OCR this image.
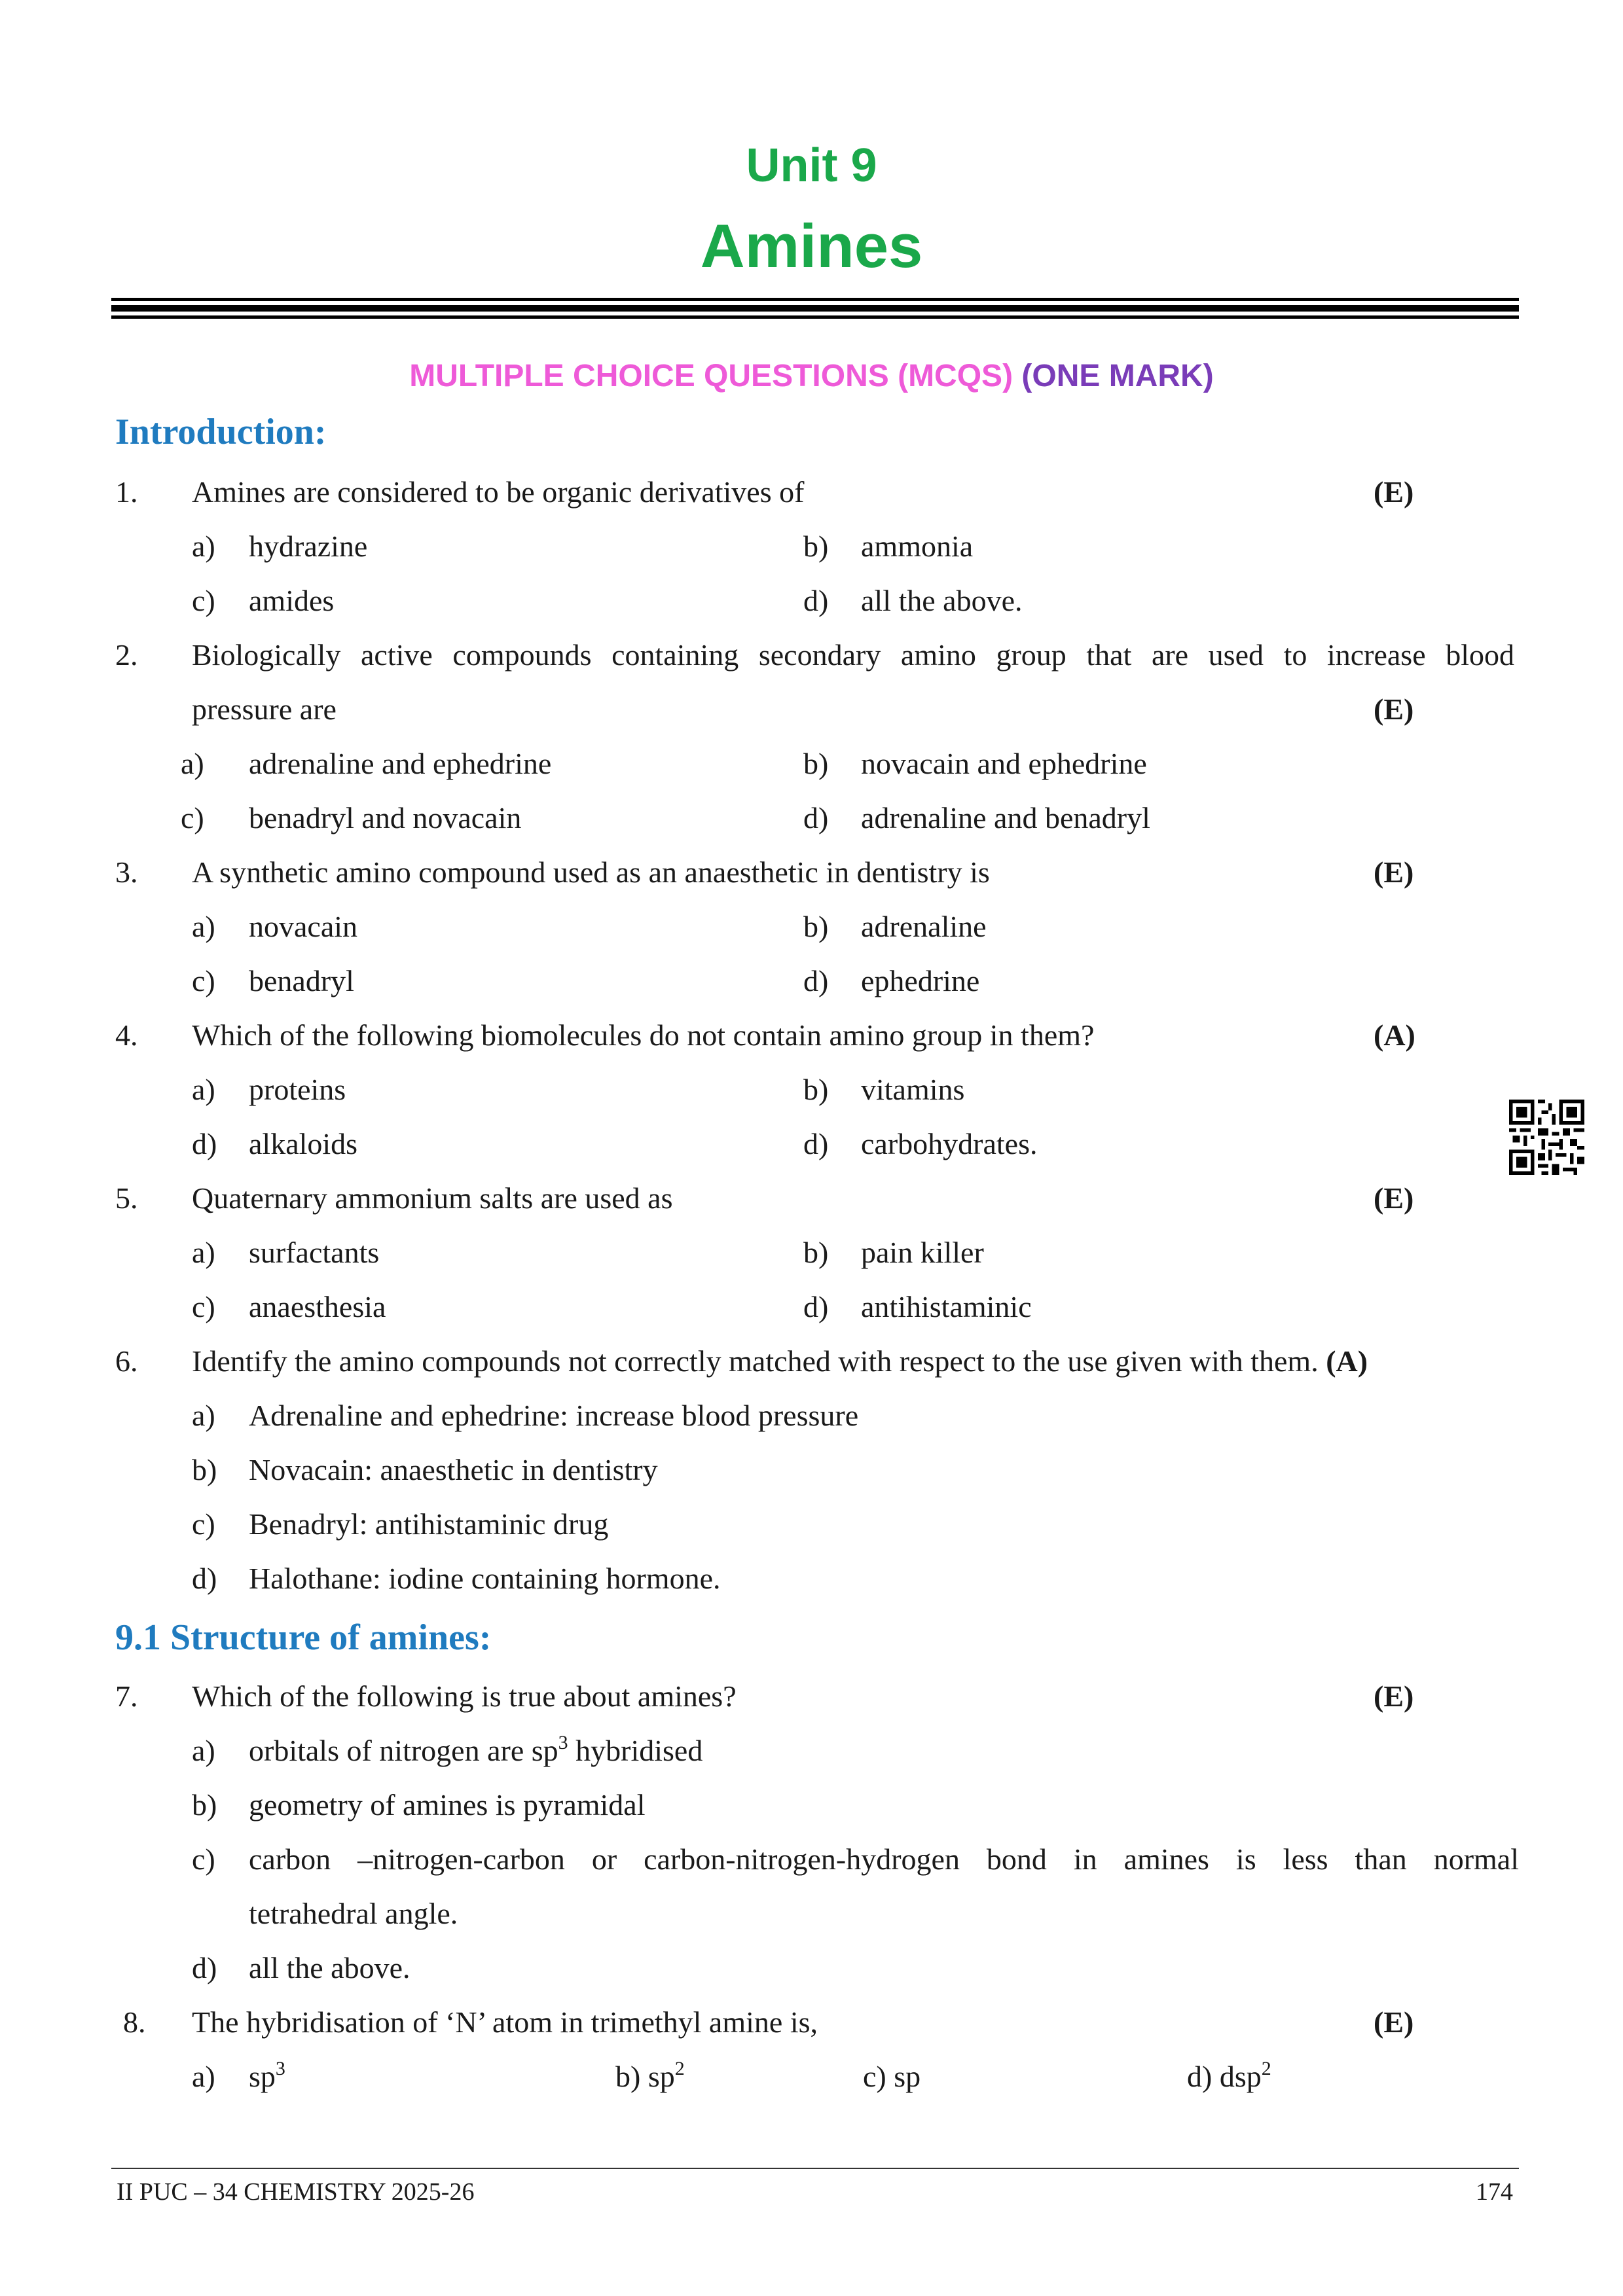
Unit 9
Amines
MULTIPLE CHOICE QUESTIONS (MCQS) (ONE MARK)
Introduction:
1. Amines are considered to be organic derivatives of	(E)
a) hydrazine	b) ammonia
c) amides	d) all the above.
2. Biologically active compounds containing secondary amino group that are used to increase blood
pressure are	(E)
a) adrenaline and ephedrine	b) novacain and ephedrine
c) benadryl and novacain	d) adrenaline and benadryl
3. A synthetic amino compound used as an anaesthetic in dentistry is	(E)
a) novacain	b) adrenaline
c) benadryl	d) ephedrine
4. Which of the following biomolecules do not contain amino group in them?	(A)
a) proteins	b) vitamins
d) alkaloids	d) carbohydrates.
5. Quaternary ammonium salts are used as	(E)
a) surfactants	b) pain killer
c) anaesthesia	d) antihistaminic
6. Identify the amino compounds not correctly matched with respect to the use given with them. (A)
a) Adrenaline and ephedrine: increase blood pressure
b) Novacain: anaesthetic in dentistry
c) Benadryl: antihistaminic drug
d) Halothane: iodine containing hormone.
9.1 Structure of amines:
7. Which of the following is true about amines?	(E)
a) orbitals of nitrogen are $sp^3$ hybridised
b) geometry of amines is pyramidal
c) carbon –nitrogen-carbon or carbon-nitrogen-hydrogen bond in amines is less than normal
tetrahedral angle.
d) all the above.
8. The hybridisation of ‘N’ atom in trimethyl amine is,	(E)
a) $sp^3$	b) $sp^2$	c) sp	d) dsp$^2$
II PUC – 34 CHEMISTRY 2025-26	174
